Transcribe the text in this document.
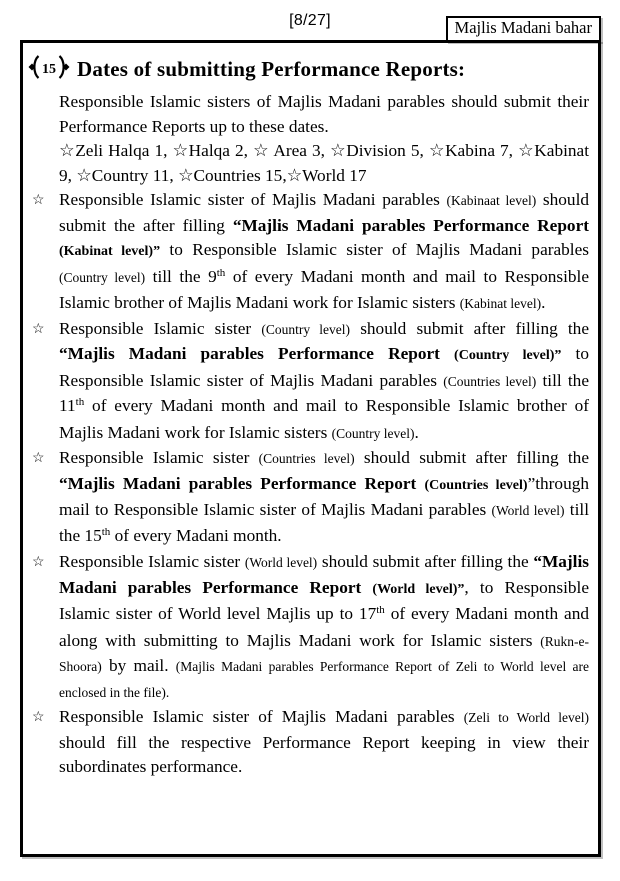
[8/27]	Majlis Madani bahar
15 Dates of submitting Performance Reports:
Responsible Islamic sisters of Majlis Madani parables should submit their Performance Reports up to these dates.
☆Zeli Halqa 1, ☆Halqa 2, ☆ Area 3, ☆Division 5, ☆Kabina 7, ☆Kabinat 9, ☆Country 11, ☆Countries 15,☆World 17
☆ Responsible Islamic sister of Majlis Madani parables (Kabinaat level) should submit the after filling “Majlis Madani parables Performance Report (Kabinat level)” to Responsible Islamic sister of Majlis Madani parables (Country level) till the 9th of every Madani month and mail to Responsible Islamic brother of Majlis Madani work for Islamic sisters (Kabinat level).
☆ Responsible Islamic sister (Country level) should submit after filling the “Majlis Madani parables Performance Report (Country level)” to Responsible Islamic sister of Majlis Madani parables (Countries level) till the 11th of every Madani month and mail to Responsible Islamic brother of Majlis Madani work for Islamic sisters (Country level).
☆ Responsible Islamic sister (Countries level) should submit after filling the “Majlis Madani parables Performance Report (Countries level)”through mail to Responsible Islamic sister of Majlis Madani parables (World level) till the 15th of every Madani month.
☆ Responsible Islamic sister (World level) should submit after filling the “Majlis Madani parables Performance Report (World level)”, to Responsible Islamic sister of World level Majlis up to 17th of every Madani month and along with submitting to Majlis Madani work for Islamic sisters (Rukn-e-Shoora) by mail. (Majlis Madani parables Performance Report of Zeli to World level are enclosed in the file).
☆ Responsible Islamic sister of Majlis Madani parables (Zeli to World level) should fill the respective Performance Report keeping in view their subordinates performance.
